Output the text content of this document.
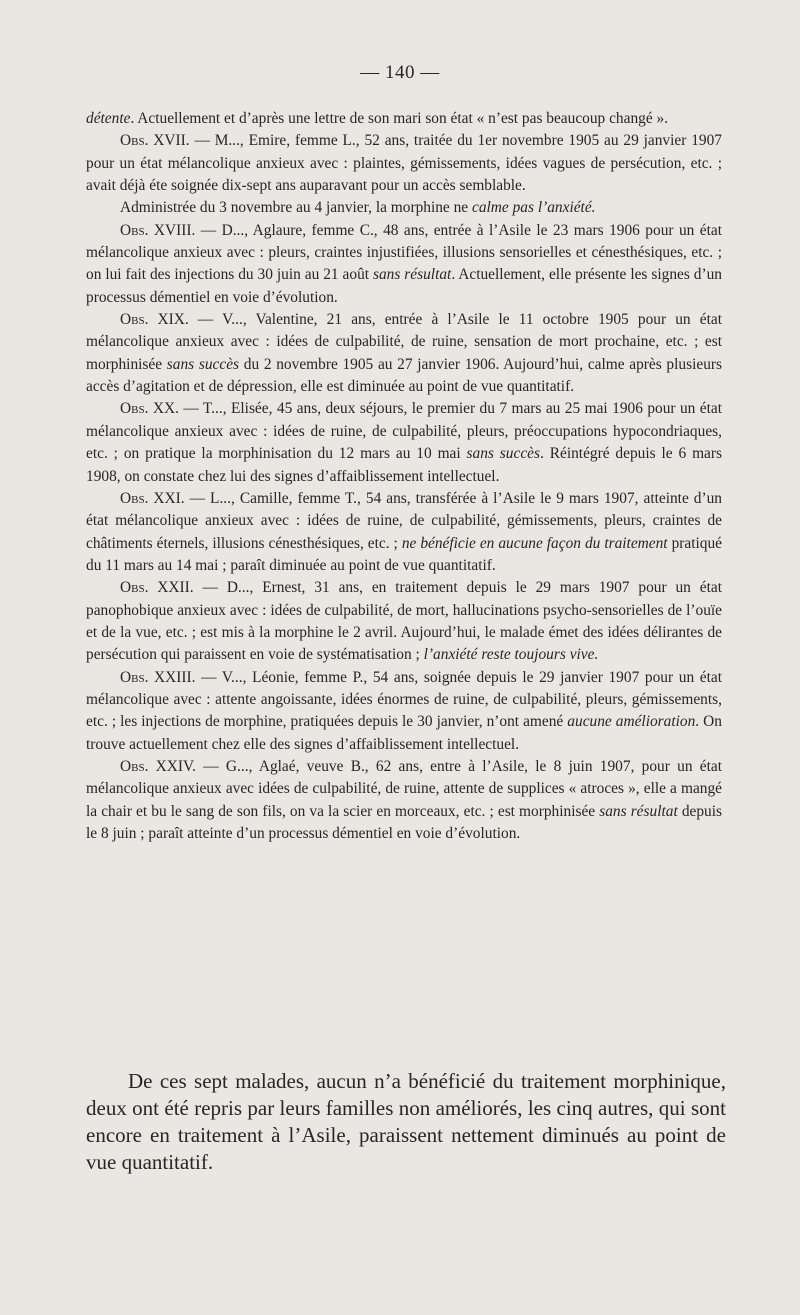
— 140 —

détente. Actuellement et d’après une lettre de son mari son état « n’est pas beaucoup changé ».

Obs. XVII. — M..., Emire, femme L., 52 ans, traitée du 1er novembre 1905 au 29 janvier 1907 pour un état mélancolique anxieux avec : plaintes, gémissements, idées vagues de persécution, etc. ; avait déjà éte soignée dix-sept ans auparavant pour un accès semblable.

Administrée du 3 novembre au 4 janvier, la morphine ne calme pas l’anxiété.

Obs. XVIII. — D..., Aglaure, femme C., 48 ans, entrée à l’Asile le 23 mars 1906 pour un état mélancolique anxieux avec : pleurs, craintes injustifiées, illusions sensorielles et cénesthésiques, etc. ; on lui fait des injections du 30 juin au 21 août sans résultat. Actuellement, elle présente les signes d’un processus démentiel en voie d’évolution.

Obs. XIX. — V..., Valentine, 21 ans, entrée à l’Asile le 11 octobre 1905 pour un état mélancolique anxieux avec : idées de culpabilité, de ruine, sensation de mort prochaine, etc. ; est morphinisée sans succès du 2 novembre 1905 au 27 janvier 1906. Aujourd’hui, calme après plusieurs accès d’agitation et de dépression, elle est diminuée au point de vue quantitatif.

Obs. XX. — T..., Elisée, 45 ans, deux séjours, le premier du 7 mars au 25 mai 1906 pour un état mélancolique anxieux avec : idées de ruine, de culpabilité, pleurs, préoccupations hypocondriaques, etc. ; on pratique la morphinisation du 12 mars au 10 mai sans succès. Réintégré depuis le 6 mars 1908, on constate chez lui des signes d’affaiblissement intellectuel.

Obs. XXI. — L..., Camille, femme T., 54 ans, transférée à l’Asile le 9 mars 1907, atteinte d’un état mélancolique anxieux avec : idées de ruine, de culpabilité, gémissements, pleurs, craintes de châtiments éternels, illusions cénesthésiques, etc. ; ne bénéficie en aucune façon du traitement pratiqué du 11 mars au 14 mai ; paraît diminuée au point de vue quantitatif.

Obs. XXII. — D..., Ernest, 31 ans, en traitement depuis le 29 mars 1907 pour un état panophobique anxieux avec : idées de culpabilité, de mort, hallucinations psycho-sensorielles de l’ouïe et de la vue, etc. ; est mis à la morphine le 2 avril. Aujourd’hui, le malade émet des idées délirantes de persécution qui paraissent en voie de systématisation ; l’anxiété reste toujours vive.

Obs. XXIII. — V..., Léonie, femme P., 54 ans, soignée depuis le 29 janvier 1907 pour un état mélancolique avec : attente angoissante, idées énormes de ruine, de culpabilité, pleurs, gémissements, etc. ; les injections de morphine, pratiquées depuis le 30 janvier, n’ont amené aucune amélioration. On trouve actuellement chez elle des signes d’affaiblissement intellectuel.

Obs. XXIV. — G..., Aglaé, veuve B., 62 ans, entre à l’Asile, le 8 juin 1907, pour un état mélancolique anxieux avec idées de culpabilité, de ruine, attente de supplices « atroces », elle a mangé la chair et bu le sang de son fils, on va la scier en morceaux, etc. ; est morphinisée sans résultat depuis le 8 juin ; paraît atteinte d’un processus démentiel en voie d’évolution.

De ces sept malades, aucun n’a bénéficié du traitement morphinique, deux ont été repris par leurs familles non améliorés, les cinq autres, qui sont encore en traitement à l’Asile, paraissent nettement diminués au point de vue quantitatif.
